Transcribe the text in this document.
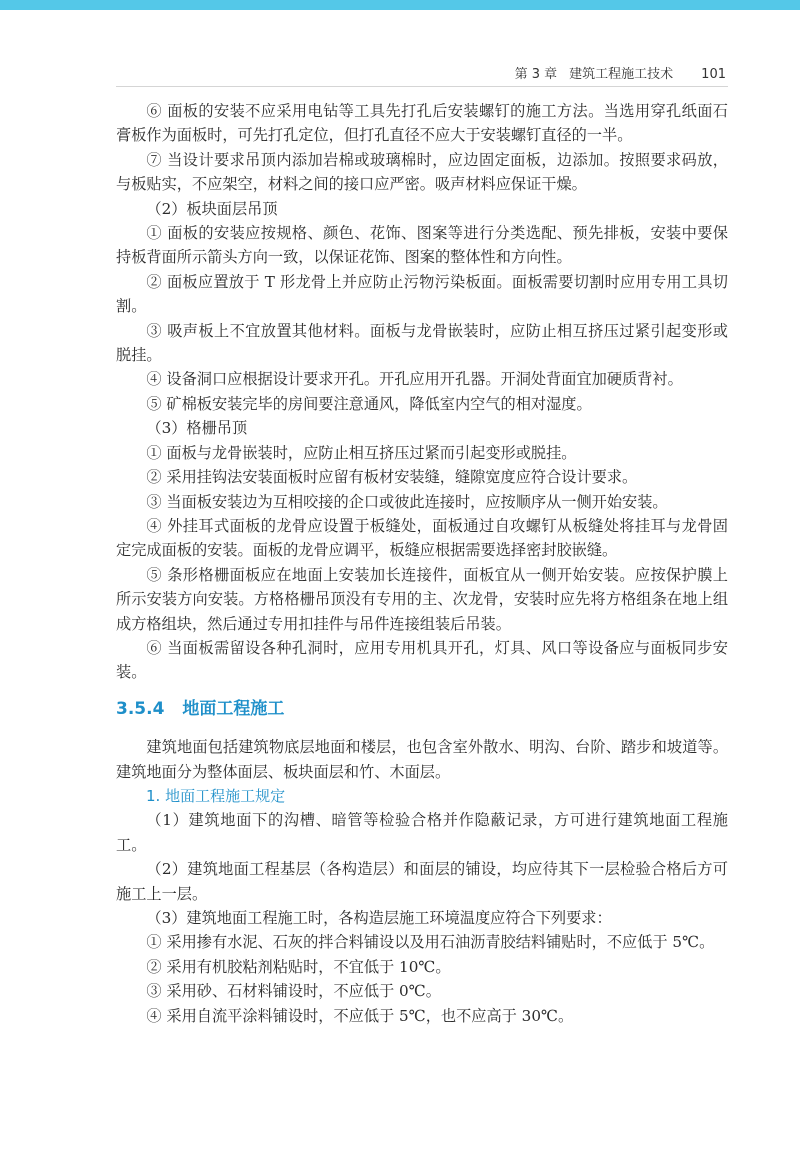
第 3 章 建筑工程施工技术 101

⑥ 面板的安装不应采用电钻等工具先打孔后安装螺钉的施工方法。当选用穿孔纸面石膏板作为面板时，可先打孔定位，但打孔直径不应大于安装螺钉直径的一半。

⑦ 当设计要求吊顶内添加岩棉或玻璃棉时，应边固定面板，边添加。按照要求码放，与板贴实，不应架空，材料之间的接口应严密。吸声材料应保证干燥。

（2）板块面层吊顶

① 面板的安装应按规格、颜色、花饰、图案等进行分类选配、预先排板，安装中要保持板背面所示箭头方向一致，以保证花饰、图案的整体性和方向性。

② 面板应置放于 T 形龙骨上并应防止污物污染板面。面板需要切割时应用专用工具切割。

③ 吸声板上不宜放置其他材料。面板与龙骨嵌装时，应防止相互挤压过紧引起变形或脱挂。

④ 设备洞口应根据设计要求开孔。开孔应用开孔器。开洞处背面宜加硬质背衬。

⑤ 矿棉板安装完毕的房间要注意通风，降低室内空气的相对湿度。

（3）格栅吊顶

① 面板与龙骨嵌装时，应防止相互挤压过紧而引起变形或脱挂。

② 采用挂钩法安装面板时应留有板材安装缝，缝隙宽度应符合设计要求。

③ 当面板安装边为互相咬接的企口或彼此连接时，应按顺序从一侧开始安装。

④ 外挂耳式面板的龙骨应设置于板缝处，面板通过自攻螺钉从板缝处将挂耳与龙骨固定完成面板的安装。面板的龙骨应调平，板缝应根据需要选择密封胶嵌缝。

⑤ 条形格栅面板应在地面上安装加长连接件，面板宜从一侧开始安装。应按保护膜上所示安装方向安装。方格格栅吊顶没有专用的主、次龙骨，安装时应先将方格组条在地上组成方格组块，然后通过专用扣挂件与吊件连接组装后吊装。

⑥ 当面板需留设各种孔洞时，应用专用机具开孔，灯具、风口等设备应与面板同步安装。

3.5.4 地面工程施工

建筑地面包括建筑物底层地面和楼层，也包含室外散水、明沟、台阶、踏步和坡道等。建筑地面分为整体面层、板块面层和竹、木面层。

1. 地面工程施工规定

（1）建筑地面下的沟槽、暗管等检验合格并作隐蔽记录，方可进行建筑地面工程施工。

（2）建筑地面工程基层（各构造层）和面层的铺设，均应待其下一层检验合格后方可施工上一层。

（3）建筑地面工程施工时，各构造层施工环境温度应符合下列要求：

① 采用掺有水泥、石灰的拌合料铺设以及用石油沥青胶结料铺贴时，不应低于 5℃。

② 采用有机胶粘剂粘贴时，不宜低于 10℃。

③ 采用砂、石材料铺设时，不应低于 0℃。

④ 采用自流平涂料铺设时，不应低于 5℃，也不应高于 30℃。
